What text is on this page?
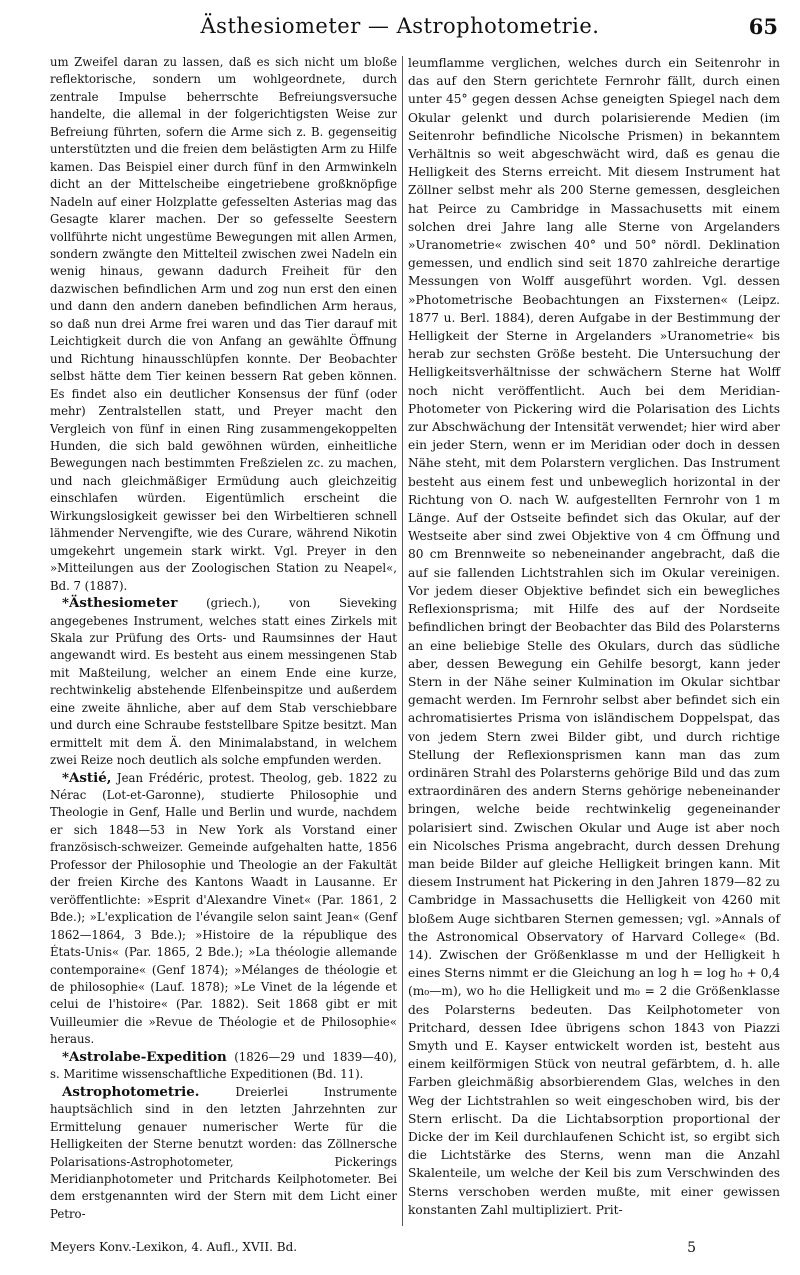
Ästhesiometer — Astrophotometrie.	65

um Zweifel daran zu lassen, daß es sich nicht um bloße reflektorische, sondern um wohlgeordnete, durch zentrale Impulse beherrschte Befreiungsversuche handelte, die allemal in der folgerichtigsten Weise zur Befreiung führten, sofern die Arme sich z. B. gegenseitig unterstützten und die freien dem belästigten Arm zu Hilfe kamen. Das Beispiel einer durch fünf in den Armwinkeln dicht an der Mittelscheibe eingetriebene großknöpfige Nadeln auf einer Holzplatte gefesselten Asterias mag das Gesagte klarer machen. Der so gefesselte Seestern vollführte nicht ungestüme Bewegungen mit allen Armen, sondern zwängte den Mittelteil zwischen zwei Nadeln ein wenig hinaus, gewann dadurch Freiheit für den dazwischen befindlichen Arm und zog nun erst den einen und dann den andern daneben befindlichen Arm heraus, so daß nun drei Arme frei waren und das Tier darauf mit Leichtigkeit durch die von Anfang an gewählte Öffnung und Richtung hinausschlüpfen konnte. Der Beobachter selbst hätte dem Tier keinen bessern Rat geben können. Es findet also ein deutlicher Konsensus der fünf (oder mehr) Zentralstellen statt, und Preyer macht den Vergleich von fünf in einen Ring zusammengekoppelten Hunden, die sich bald gewöhnen würden, einheitliche Bewegungen nach bestimmten Freßzielen zc. zu machen, und nach gleichmäßiger Ermüdung auch gleichzeitig einschlafen würden. Eigentümlich erscheint die Wirkungslosigkeit gewisser bei den Wirbeltieren schnell lähmender Nervengifte, wie des Curare, während Nikotin umgekehrt ungemein stark wirkt. Vgl. Preyer in den »Mitteilungen aus der Zoologischen Station zu Neapel«, Bd. 7 (1887).

*Ästhesiometer (griech.), von Sieveking angegebenes Instrument, welches statt eines Zirkels mit Skala zur Prüfung des Orts- und Raumsinnes der Haut angewandt wird. Es besteht aus einem messingenen Stab mit Maßteilung, welcher an einem Ende eine kurze, rechtwinkelig abstehende Elfenbeinspitze und außerdem eine zweite ähnliche, aber auf dem Stab verschiebbare und durch eine Schraube feststellbare Spitze besitzt. Man ermittelt mit dem Ä. den Minimalabstand, in welchem zwei Reize noch deutlich als solche empfunden werden.

*Astié, Jean Frédéric, protest. Theolog, geb. 1822 zu Nérac (Lot-et-Garonne), studierte Philosophie und Theologie in Genf, Halle und Berlin und wurde, nachdem er sich 1848—53 in New York als Vorstand einer französisch-schweizer. Gemeinde aufgehalten hatte, 1856 Professor der Philosophie und Theologie an der Fakultät der freien Kirche des Kantons Waadt in Lausanne. Er veröffentlichte: »Esprit d'Alexandre Vinet« (Par. 1861, 2 Bde.); »L'explication de l'évangile selon saint Jean« (Genf 1862—1864, 3 Bde.); »Histoire de la république des États-Unis« (Par. 1865, 2 Bde.); »La théologie allemande contemporaine« (Genf 1874); »Mélanges de théologie et de philosophie« (Lauf. 1878); »Le Vinet de la légende et celui de l'histoire« (Par. 1882). Seit 1868 gibt er mit Vuilleumier die »Revue de Théologie et de Philosophie« heraus.

*Astrolabe-Expedition (1826—29 und 1839—40), s. Maritime wissenschaftliche Expeditionen (Bd. 11).

Astrophotometrie.	Dreierlei Instrumente hauptsächlich sind in den letzten Jahrzehnten zur Ermittelung genauer numerischer Werte für die Helligkeiten der Sterne benutzt worden: das Zöllnersche Polarisations-Astrophotometer, Pickerings Meridianphotometer und Pritchards Keilphotometer. Bei dem erstgenannten wird der Stern mit dem Licht einer Petro-

leumflamme verglichen, welches durch ein Seitenrohr in das auf den Stern gerichtete Fernrohr fällt, durch einen unter 45° gegen dessen Achse geneigten Spiegel nach dem Okular gelenkt und durch polarisierende Medien (im Seitenrohr befindliche Nicolsche Prismen) in bekanntem Verhältnis so weit abgeschwächt wird, daß es genau die Helligkeit des Sterns erreicht. Mit diesem Instrument hat Zöllner selbst mehr als 200 Sterne gemessen, desgleichen hat Peirce zu Cambridge in Massachusetts mit einem solchen drei Jahre lang alle Sterne von Argelanders »Uranometrie« zwischen 40° und 50° nördl. Deklination gemessen, und endlich sind seit 1870 zahlreiche derartige Messungen von Wolff ausgeführt worden. Vgl. dessen »Photometrische Beobachtungen an Fixsternen« (Leipz. 1877 u. Berl. 1884), deren Aufgabe in der Bestimmung der Helligkeit der Sterne in Argelanders »Uranometrie« bis herab zur sechsten Größe besteht. Die Untersuchung der Helligkeitsverhältnisse der schwächern Sterne hat Wolff noch nicht veröffentlicht. Auch bei dem Meridian-Photometer von Pickering wird die Polarisation des Lichts zur Abschwächung der Intensität verwendet; hier wird aber ein jeder Stern, wenn er im Meridian oder doch in dessen Nähe steht, mit dem Polarstern verglichen. Das Instrument besteht aus einem fest und unbeweglich horizontal in der Richtung von O. nach W. aufgestellten Fernrohr von 1 m Länge. Auf der Ostseite befindet sich das Okular, auf der Westseite aber sind zwei Objektive von 4 cm Öffnung und 80 cm Brennweite so nebeneinander angebracht, daß die auf sie fallenden Lichtstrahlen sich im Okular vereinigen. Vor jedem dieser Objektive befindet sich ein bewegliches Reflexionsprisma; mit Hilfe des auf der Nordseite befindlichen bringt der Beobachter das Bild des Polarsterns an eine beliebige Stelle des Okulars, durch das südliche aber, dessen Bewegung ein Gehilfe besorgt, kann jeder Stern in der Nähe seiner Kulmination im Okular sichtbar gemacht werden. Im Fernrohr selbst aber befindet sich ein achromatisiertes Prisma von isländischem Doppelspat, das von jedem Stern zwei Bilder gibt, und durch richtige Stellung der Reflexionsprismen kann man das zum ordinären Strahl des Polarsterns gehörige Bild und das zum extraordinären des andern Sterns gehörige nebeneinander bringen, welche beide rechtwinkelig gegeneinander polarisiert sind. Zwischen Okular und Auge ist aber noch ein Nicolsches Prisma angebracht, durch dessen Drehung man beide Bilder auf gleiche Helligkeit bringen kann. Mit diesem Instrument hat Pickering in den Jahren 1879—82 zu Cambridge in Massachusetts die Helligkeit von 4260 mit bloßem Auge sichtbaren Sternen gemessen; vgl. »Annals of the Astronomical Observatory of Harvard College« (Bd. 14). Zwischen der Größenklasse m und der Helligkeit h eines Sterns nimmt er die Gleichung an log h = log h₀ + 0,4 (m₀—m), wo h₀ die Helligkeit und m₀ = 2 die Größenklasse des Polarsterns bedeuten. Das Keilphotometer von Pritchard, dessen Idee übrigens schon 1843 von Piazzi Smyth und E. Kayser entwickelt worden ist, besteht aus einem keilförmigen Stück von neutral gefärbtem, d. h. alle Farben gleichmäßig absorbierendem Glas, welches in den Weg der Lichtstrahlen so weit eingeschoben wird, bis der Stern erlischt. Da die Lichtabsorption proportional der Dicke der im Keil durchlaufenen Schicht ist, so ergibt sich die Lichtstärke des Sterns, wenn man die Anzahl Skalenteile, um welche der Keil bis zum Verschwinden des Sterns verschoben werden mußte, mit einer gewissen konstanten Zahl multipliziert. Prit-

Meyers Konv.-Lexikon, 4. Aufl., XVII. Bd.	5
